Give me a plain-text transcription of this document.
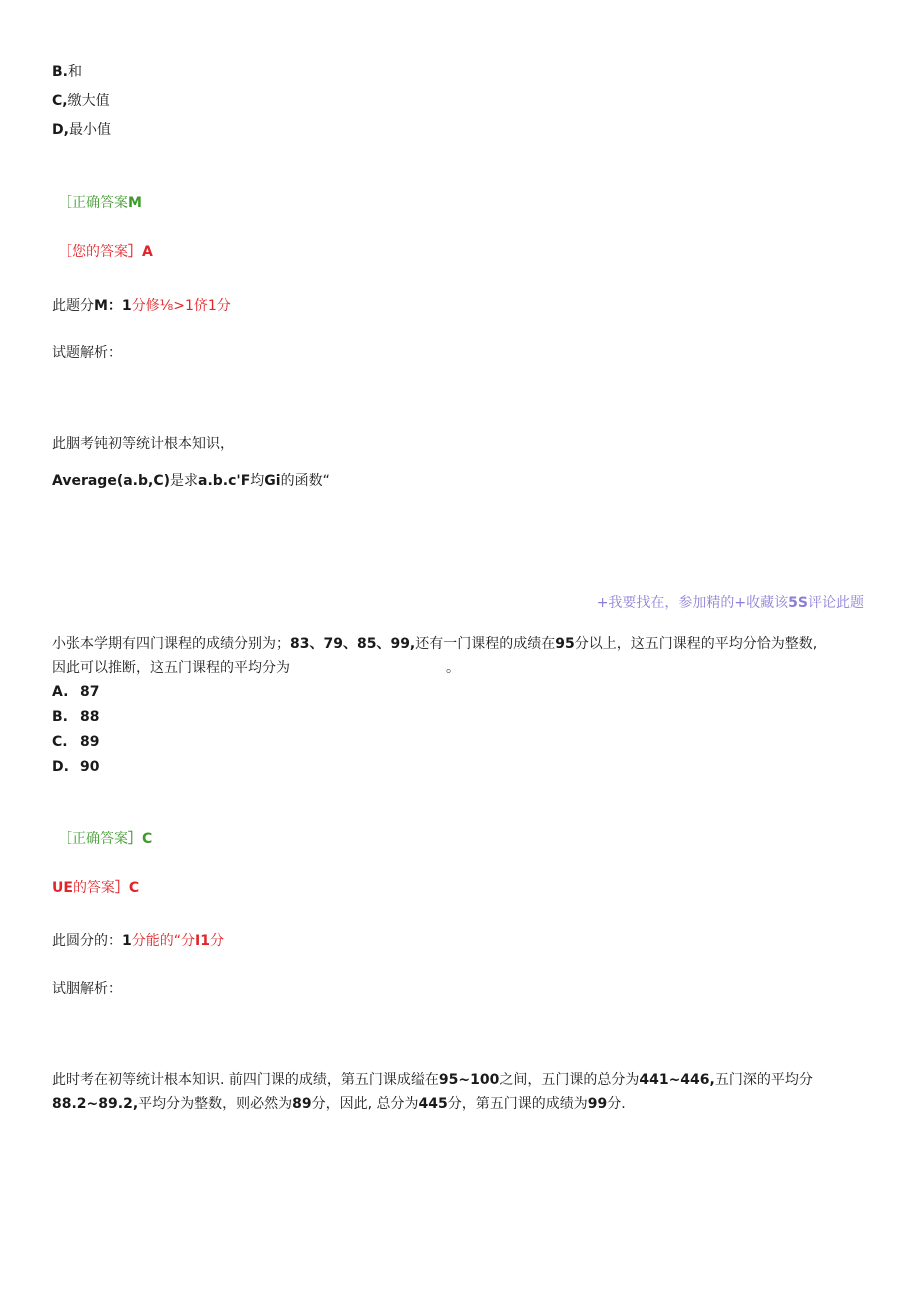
B.和
C,缴大值
D,最小值
［正确答案M
［您的答案］A
此题分M：1分修⅛>1侪1分
试题解析：
此胭考钝初等统计根本知识，
Average(a.b,C)是求a.b.c'F均Gi的函数“
+我要找在，参加精的+收藏该5S评论此题
小张本学期有四门课程的成绩分别为；83、79、85、99,还有一门课程的成绩在95分以上，这五门课程的平均分恰为整数,
因此可以推断，这五门课程的平均分为	。
A. 87
B. 88
C. 89
D. 90
［正确答案］C
UE的答案］C
此圆分的：1分能的“分I1分
试胭解析：
此时考在初等统计根本知识. 前四门课的成绩，第五门课成缢在95~100之间，五门课的总分为441~446,五门深的平均分
88.2~89.2,平均分为整数，则必然为89分，因此, 总分为445分，第五门课的成绩为99分.
